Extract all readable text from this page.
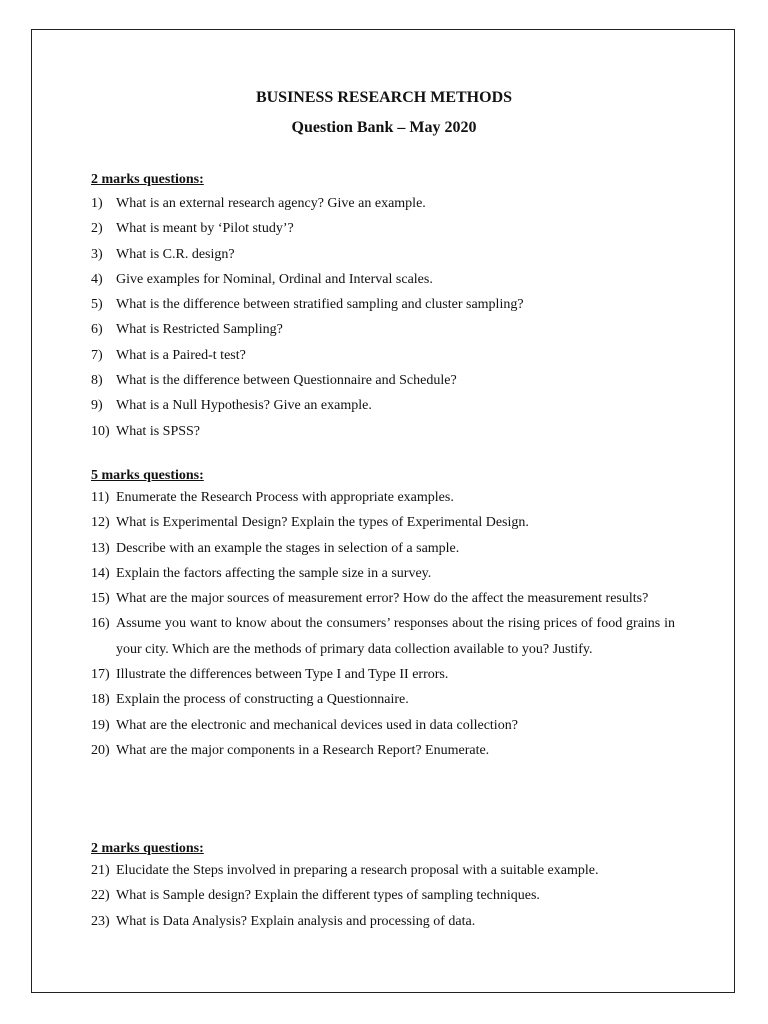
BUSINESS RESEARCH METHODS
Question Bank – May 2020
2 marks questions:
1) What is an external research agency? Give an example.
2) What is meant by ‘Pilot study’?
3) What is C.R. design?
4) Give examples for Nominal, Ordinal and Interval scales.
5) What is the difference between stratified sampling and cluster sampling?
6) What is Restricted Sampling?
7) What is a Paired-t test?
8) What is the difference between Questionnaire and Schedule?
9) What is a Null Hypothesis? Give an example.
10) What is SPSS?
5 marks questions:
11) Enumerate the Research Process with appropriate examples.
12) What is Experimental Design? Explain the types of Experimental Design.
13) Describe with an example the stages in selection of a sample.
14) Explain the factors affecting the sample size in a survey.
15) What are the major sources of measurement error? How do the affect the measurement results?
16) Assume you want to know about the consumers’ responses about the rising prices of food grains in your city. Which are the methods of primary data collection available to you? Justify.
17) Illustrate the differences between Type I and Type II errors.
18) Explain the process of constructing a Questionnaire.
19) What are the electronic and mechanical devices used in data collection?
20) What are the major components in a Research Report? Enumerate.
2 marks questions:
21) Elucidate the Steps involved in preparing a research proposal with a suitable example.
22) What is Sample design? Explain the different types of sampling techniques.
23) What is Data Analysis? Explain analysis and processing of data.
